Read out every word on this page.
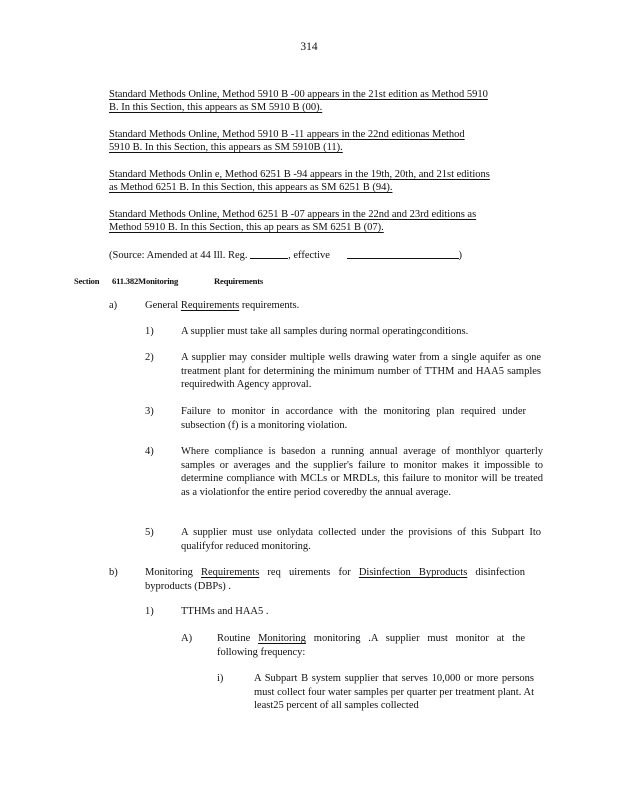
314
Standard Methods Online, Method 5910 B -00 appears in the 21st edition as Method 5910
B. In this Section, this appears as SM 5910 B (00).
Standard Methods Online, Method 5910 B -11 appears in the 22nd editionas Method
5910 B. In this Section, this appears as SM 5910B (11).
Standard Methods Onlin e, Method 6251 B -94 appears in the 19th, 20th, and 21st editions
as Method 6251 B. In this Section, this appears as SM 6251 B (94).
Standard Methods Online, Method 6251 B -07 appears in the 22nd and 23rd editions as
Method 5910 B. In this Section, this ap pears as SM 6251 B (07).
(Source: Amended at 44 Ill. Reg.	, effective	)
Section 611.382Monitoring	Requirements
a)	General Requirements requirements.
1)	A supplier must take all samples during normal operatingconditions.
2)	A supplier may consider multiple wells drawing water from a single aquifer as one treatment plant for determining the minimum number of TTHM and HAA5 samples requiredwith Agency approval.
3)	Failure to monitor in accordance with the monitoring plan required under subsection (f) is a monitoring violation.
4)	Where compliance is basedon a running annual average of monthlyor quarterly samples or averages and the supplier's failure to monitor makes it impossible to determine compliance with MCLs or MRDLs, this failure to monitor will be treated as a violationfor the entire period coveredby the annual average.
5)	A supplier must use onlydata collected under the provisions of this Subpart Ito qualifyfor reduced monitoring.
b)	Monitoring Requirements req uirements for Disinfection Byproducts disinfection byproducts (DBPs) .
1)	TTHMs and HAA5 .
A) Routine Monitoring monitoring .A supplier must monitor at the following frequency:
i)	A Subpart B system supplier that serves 10,000 or more persons must collect four water samples per quarter per treatment plant. At least25 percent of all samples collected
